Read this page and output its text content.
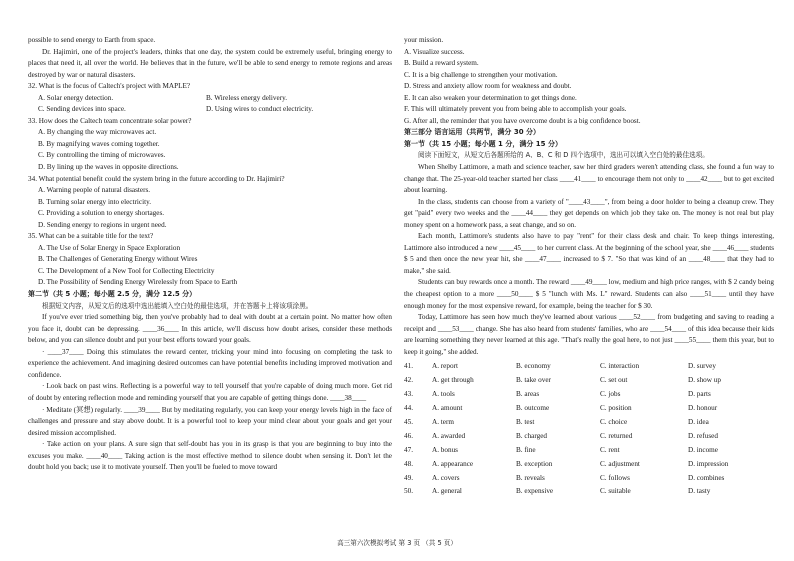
possible to send energy to Earth from space.

Dr. Hajimiri, one of the project's leaders, thinks that one day, the system could be extremely useful, bringing energy to places that need it, all over the world. He believes that in the future, we'll be able to send energy to remote regions and areas destroyed by war or natural disasters.

32. What is the focus of Caltech's project with MAPLE?

A. Solar energy detection.	B. Wireless energy delivery.
C. Sending devices into space.	D. Using wires to conduct electricity.

33. How does the Caltech team concentrate solar power?

A. By changing the way microwaves act.

B. By magnifying waves coming together.

C. By controlling the timing of microwaves.

D. By lining up the waves in opposite directions.

34. What potential benefit could the system bring in the future according to Dr. Hajimiri?

A. Warning people of natural disasters.

B. Turning solar energy into electricity.

C. Providing a solution to energy shortages.

D. Sending energy to regions in urgent need.

35. What can be a suitable title for the text?

A. The Use of Solar Energy in Space Exploration

B. The Challenges of Generating Energy without Wires

C. The Development of a New Tool for Collecting Electricity

D. The Possibility of Sending Energy Wirelessly from Space to Earth

第二节（共 5 小题；每小题 2.5 分，满分 12.5 分）

根据短文内容，从短文后的选项中选出能填入空白处的最佳选项，并在答题卡上将该项涂黑。

If you've ever tried something big, then you've probably had to deal with doubt at a certain point. No matter how often you face it, doubt can be depressing. ____36____ In this article, we'll discuss how doubt arises, consider these methods below, and you can silence doubt and put your best efforts toward your goals.

· ____37____ Doing this stimulates the reward center, tricking your mind into focusing on completing the task to experience the achievement. And imagining desired outcomes can have potential benefits including improved motivation and confidence.

· Look back on past wins. Reflecting is a powerful way to tell yourself that you're capable of doing much more. Get rid of doubt by entering reflection mode and reminding yourself that you are capable of getting things done. ____38____

· Meditate (冥想) regularly. ____39____ But by meditating regularly, you can keep your energy levels high in the face of challenges and pressure and stay above doubt. It is a powerful tool to keep your mind clear about your goals and get your desired mission accomplished.

· Take action on your plans. A sure sign that self-doubt has you in its grasp is that you are beginning to buy into the excuses you make. ____40____ Taking action is the most effective method to silence doubt when sensing it. Don't let the doubt hold you back; use it to motivate yourself. Then you'll be fueled to move toward

your mission.

A. Visualize success.

B. Build a reward system.

C. It is a big challenge to strengthen your motivation.

D. Stress and anxiety allow room for weakness and doubt.

E. It can also weaken your determination to get things done.

F. This will ultimately prevent you from being able to accomplish your goals.

G. After all, the reminder that you have overcome doubt is a big confidence boost.

第三部分 语言运用（共两节，满分 30 分）

第一节（共 15 小题；每小题 1 分，满分 15 分）

阅读下面短文，从短文后各题所给的 A、B、C 和 D 四个选项中，选出可以填入空白处的最佳选项。

When Shelby Lattimore, a math and science teacher, saw her third graders weren't attending class, she found a fun way to change that. The 25-year-old teacher started her class ____41____ to encourage them not only to ____42____ but to get excited about learning.

In the class, students can choose from a variety of "____43____", from being a door holder to being a cleanup crew. They get "paid" every two weeks and the ____44____ they get depends on which job they take on. The money is not real but play money spent on a homework pass, a seat change, and so on.

Each month, Lattimore's students also have to pay "rent" for their class desk and chair. To keep things interesting, Lattimore also introduced a new ____45____ to her current class. At the beginning of the school year, she ____46____ students $ 5 and then once the new year hit, she ____47____ increased to $ 7. "So that was kind of an ____48____ that they had to make," she said.

Students can buy rewards once a month. The reward ____49____ low, medium and high price ranges, with $ 2 candy being the cheapest option to a more ____50____ $ 5 "lunch with Ms. L" reward. Students can also ____51____ until they have enough money for the most expensive reward, for example, being the teacher for $ 30.

Today, Lattimore has seen how much they've learned about various ____52____ from budgeting and saving to reading a receipt and ____53____ change. She has also heard from students' families, who are ____54____ of this idea because their kids are learning something they never learned at this age. "That's really the goal here, to not just ____55____ them this year, but to keep it going," she added.

41.	A. report	B. economy	C. interaction	D. survey
42.	A. get through	B. take over	C. set out	D. show up
43.	A. tools	B. areas	C. jobs	D. parts
44.	A. amount	B. outcome	C. position	D. honour
45.	A. term	B. test	C. choice	D. idea
46.	A. awarded	B. charged	C. returned	D. refused
47.	A. bonus	B. fine	C. rent	D. income
48.	A. appearance	B. exception	C. adjustment	D. impression
49.	A. covers	B. reveals	C. follows	D. combines
50.	A. general	B. expensive	C. suitable	D. tasty
高三第六次模拟考试 第 3 页 （共 5 页）
